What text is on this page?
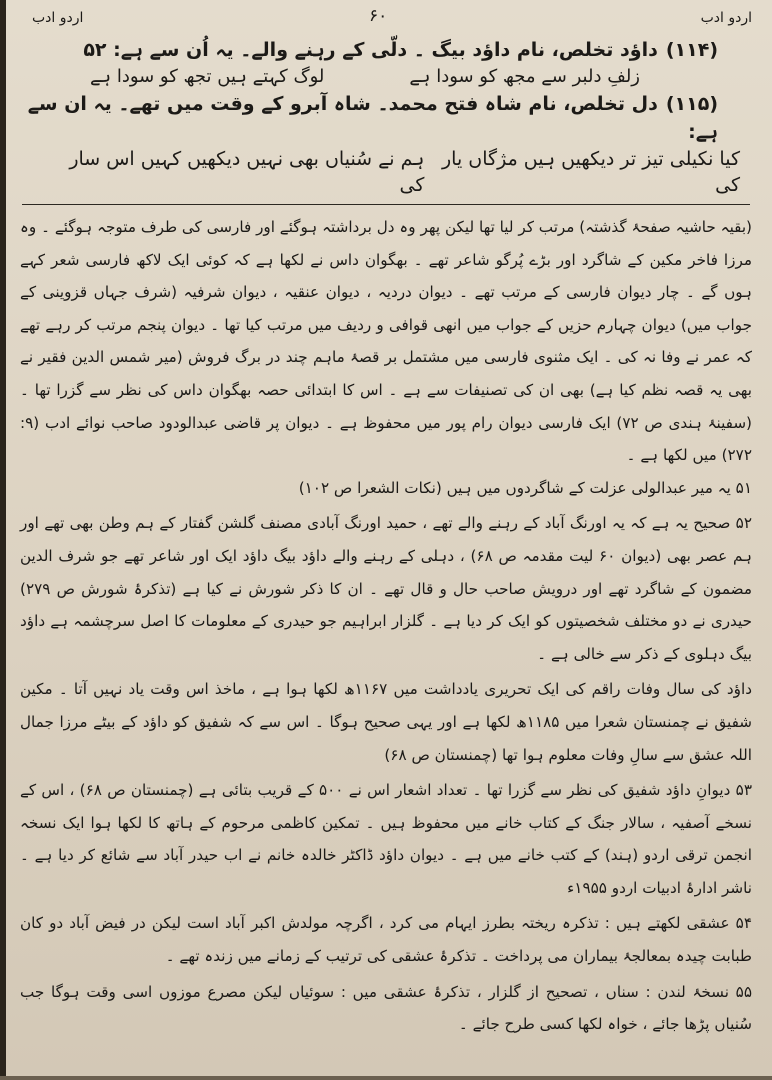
اردو ادب	۶۰	اردو ادب
(۱۱۴)داؤد تخلص، نام داؤد بیگ ۔ دلّی کے رہنے والے۔ یہ اُن سے ہے: ۵۲
زلفِ دلبر سے مجھ کو سودا ہے
لوگ کہتے ہیں تجھ کو سودا ہے
(۱۱۵)دل تخلص، نام شاہ فتح محمد۔ شاہ آبرو کے وقت میں تھے۔ یہ ان سے ہے:
کیا نکیلی تیز تر دیکھیں ہیں مژگاں یار کی
ہم نے سُنیاں بھی نہیں دیکھیں کہیں اس سار کی

(بقیہ حاشیہ صفحۂ گذشتہ) مرتب کر لیا تھا لیکن پھر وہ دل برداشتہ ہوگئے اور فارسی کی طرف متوجہ ہوگئے ۔ وہ مرزا فاخر مکین کے شاگرد اور بڑے پُرگو شاعر تھے ۔ بھگوان داس نے لکھا ہے کہ کوئی ایک لاکھ فارسی شعر کہے ہوں گے ۔ چار دیوان فارسی کے مرتب تھے ۔ دیوان دردیہ ، دیوان عنقیہ ، دیوان شرفیہ (شرف جہاں قزوینی کے جواب میں) دیوان چہارم حزیں کے جواب میں انھی قوافی و ردیف میں مرتب کیا تھا ۔ دیوان پنجم مرتب کر رہے تھے کہ عمر نے وفا نہ کی ۔ ایک مثنوی فارسی میں مشتمل بر قصۂ ماہم چند در برگ فروش (میر شمس الدین فقیر نے بھی یہ قصہ نظم کیا ہے) بھی ان کی تصنیفات سے ہے ۔ اس کا ابتدائی حصہ بھگوان داس کی نظر سے گزرا تھا ۔ (سفینۂ ہندی ص ۷۲) ایک فارسی دیوان رام پور میں محفوظ ہے ۔ دیوان پر قاضی عبدالودود صاحب نوائے ادب (۹: ۲۷۲) میں لکھا ہے ۔

۵۱ یہ میر عبدالولی عزلت کے شاگردوں میں ہیں (نکات الشعرا ص ۱۰۲)

۵۲ صحیح یہ ہے کہ یہ اورنگ آباد کے رہنے والے تھے ، حمید اورنگ آبادی مصنف گلشن گفتار کے ہم وطن بھی تھے اور ہم عصر بھی (دیوان ۶۰ لیت مقدمہ ص ۶۸) ، دہلی کے رہنے والے داؤد بیگ داؤد ایک اور شاعر تھے جو شرف الدین مضمون کے شاگرد تھے اور درویش صاحب حال و قال تھے ۔ ان کا ذکر شورش نے کیا ہے (تذکرۂ شورش ص ۲۷۹) حیدری نے دو مختلف شخصیتوں کو ایک کر دیا ہے ۔ گلزار ابراہیم جو حیدری کے معلومات کا اصل سرچشمہ ہے داؤد بیگ دہلوی کے ذکر سے خالی ہے ۔

داؤد کی سال وفات راقم کی ایک تحریری یادداشت میں ۱۱۶۷ھ لکھا ہوا ہے ، ماخذ اس وقت یاد نہیں آتا ۔ مکین شفیق نے چمنستان شعرا میں ۱۱۸۵ھ لکھا ہے اور یہی صحیح ہوگا ۔ اس سے کہ شفیق کو داؤد کے بیٹے مرزا جمال اللہ عشق سے سالِ وفات معلوم ہوا تھا (چمنستان ص ۶۸)

۵۳ دیوانِ داؤد شفیق کی نظر سے گزرا تھا ۔ تعداد اشعار اس نے ۵۰۰ کے قریب بتائی ہے (چمنستان ص ۶۸) ، اس کے نسخے آصفیہ ، سالار جنگ کے کتاب خانے میں محفوظ ہیں ۔ تمکین کاظمی مرحوم کے ہاتھ کا لکھا ہوا ایک نسخہ انجمن ترقی اردو (ہند) کے کتب خانے میں ہے ۔ دیوان داؤد ڈاکٹر خالدہ خانم نے اب حیدر آباد سے شائع کر دیا ہے ۔ ناشر ادارۂ ادبیات اردو ۱۹۵۵ء

۵۴ عشقی لکھتے ہیں : تذکرہ ریختہ بطرز ایہام می کرد ، اگرچہ مولدش اکبر آباد است لیکن در فیض آباد دو کان طبابت چیدہ بمعالجۂ بیماران می پرداخت ۔ تذکرۂ عشقی کی ترتیب کے زمانے میں زندہ تھے ۔

۵۵ نسخۂ لندن : سناں ، تصحیح از گلزار ، تذکرۂ عشقی میں : سوئیاں لیکن مصرع موزوں اسی وقت ہوگا جب سُنیاں پڑھا جائے ، خواہ لکھا کسی طرح جائے ۔
